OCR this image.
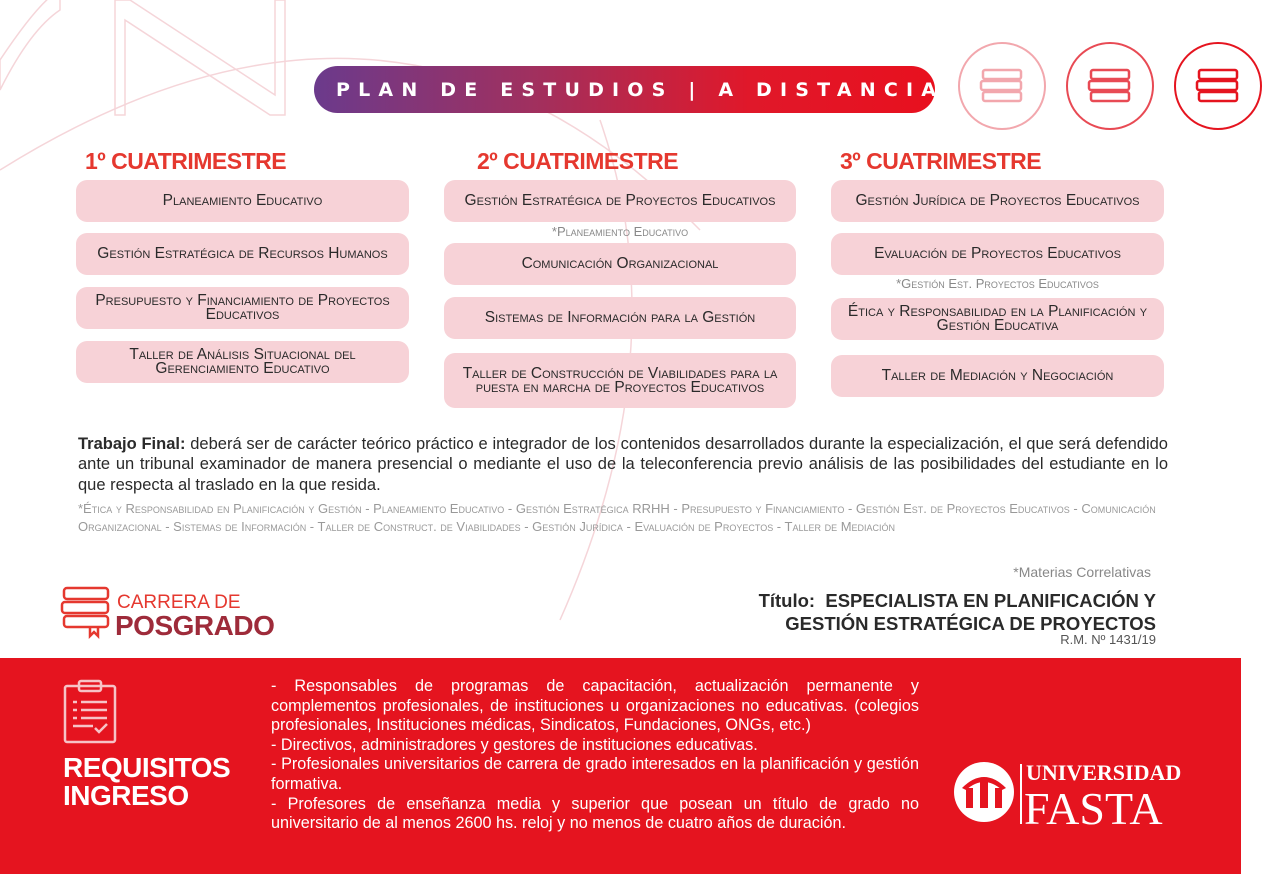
PLAN DE ESTUDIOS | A DISTANCIA
1º CUATRIMESTRE
Planeamiento Educativo
Gestión Estratégica de Recursos Humanos
Presupuesto y Financiamiento de Proyectos Educativos
Taller de Análisis Situacional del Gerenciamiento Educativo
2º CUATRIMESTRE
Gestión Estratégica de Proyectos Educativos
*Planeamiento Educativo
Comunicación Organizacional
Sistemas de Información para la Gestión
Taller de Construcción de Viabilidades para la puesta en marcha de Proyectos Educativos
3º CUATRIMESTRE
Gestión Jurídica de Proyectos Educativos
Evaluación de Proyectos Educativos
*Gestión Est. Proyectos Educativos
Ética y Responsabilidad en la Planificación y Gestión Educativa
Taller de Mediación y Negociación
Trabajo Final: deberá ser de carácter teórico práctico e integrador de los contenidos desarrollados durante la especialización, el que será defendido ante un tribunal examinador de manera presencial o mediante el uso de la teleconferencia previo análisis de las posibilidades del estudiante en lo que respecta al traslado en la que resida.
*Ética y Responsabilidad en Planificación y Gestión - Planeamiento Educativo - Gestión Estratégica RRHH - Presupuesto y Financiamiento - Gestión Est. de Proyectos Educativos - Comunicación Organizacional - Sistemas de Información - Taller de Construct. de Viabilidades - Gestión Jurídica - Evaluación de Proyectos - Taller de Mediación
*Materias Correlativas
Título: ESPECIALISTA EN PLANIFICACIÓN Y
GESTIÓN ESTRATÉGICA DE PROYECTOS
R.M. Nº 1431/19
CARRERA DE
POSGRADO
REQUISITOS
INGRESO
- Responsables de programas de capacitación, actualización permanente y complementos profesionales, de instituciones u organizaciones no educativas. (colegios profesionales, Instituciones médicas, Sindicatos, Fundaciones, ONGs, etc.)
- Directivos, administradores y gestores de instituciones educativas.
- Profesionales universitarios de carrera de grado interesados en la planificación y gestión formativa.
- Profesores de enseñanza media y superior que posean un título de grado no universitario de al menos 2600 hs. reloj y no menos de cuatro años de duración.
UNIVERSIDAD
FASTA
